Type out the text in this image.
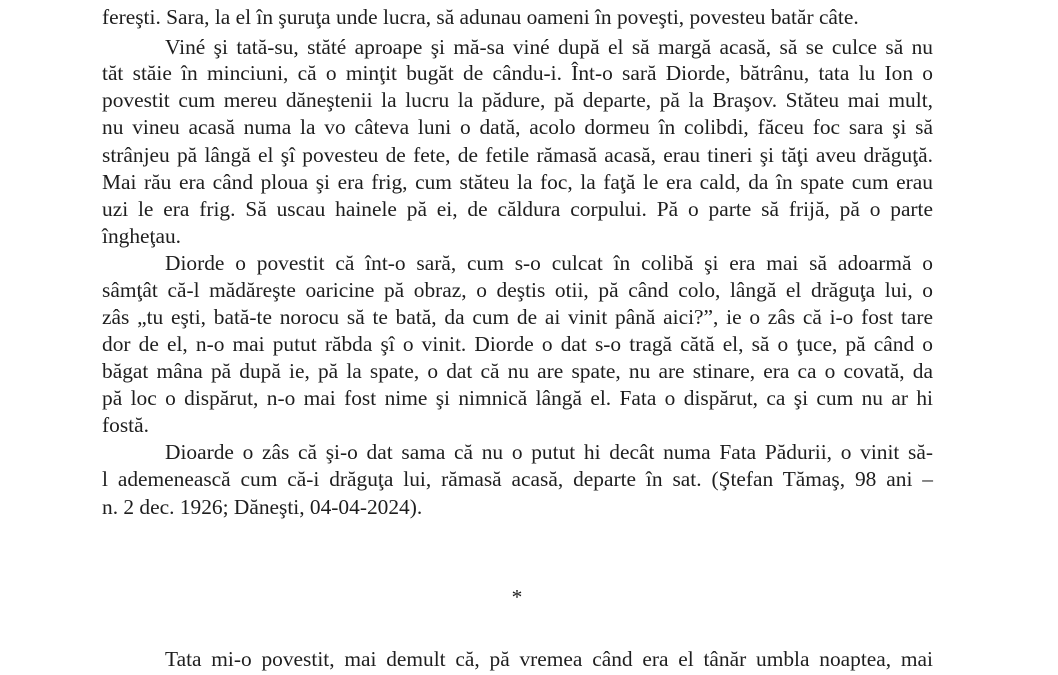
fereşti. Sara, la el în şuruţa unde lucra, să adunau oameni în poveşti, povesteu batăr câte.
Viné şi tată-su, stăté aproape şi mă-sa viné după el să margă acasă, să se culce să nu
tăt stăie în minciuni, că o minţit bugăt de cându-i. Înt-o sară Diorde, bătrânu, tata lu Ion o
povestit cum mereu dăneştenii la lucru la pădure, pă departe, pă la Braşov. Stăteu mai mult,
nu vineu acasă numa la vo câteva luni o dată, acolo dormeu în colibdi, făceu foc sara şi să
strânjeu pă lângă el şî povesteu de fete, de fetile rămasă acasă, erau tineri şi tăţi aveu drăguţă.
Mai rău era când ploua şi era frig, cum stăteu la foc, la faţă le era cald, da în spate cum erau
uzi le era frig. Să uscau hainele pă ei, de căldura corpului. Pă o parte să frijă, pă o parte
îngheţau.
Diorde o povestit că înt-o sară, cum s-o culcat în colibă şi era mai să adoarmă o
sâmţât că-l mădăreşte oaricine pă obraz, o deştis otii, pă când colo, lângă el drăguţa lui, o
zâs „tu eşti, bată-te norocu să te bată, da cum de ai vinit până aici?”, ie o zâs că i-o fost tare
dor de el, n-o mai putut răbda şî o vinit. Diorde o dat s-o tragă cătă el, să o ţuce, pă când o
băgat mâna pă după ie, pă la spate, o dat că nu are spate, nu are stinare, era ca o covată, da
pă loc o dispărut, n-o mai fost nime şi nimnică lângă el. Fata o dispărut, ca şi cum nu ar hi
fostă.
Dioarde o zâs că şi-o dat sama că nu o putut hi decât numa Fata Pădurii, o vinit să-
l ademenească cum că-i drăguţa lui, rămasă acasă, departe în sat. (Ştefan Tămaş, 98 ani –
n. 2 dec. 1926; Dăneşti, 04-04-2024).
*
Tata mi-o povestit, mai demult că, pă vremea când era el tânăr umbla noaptea, mai
